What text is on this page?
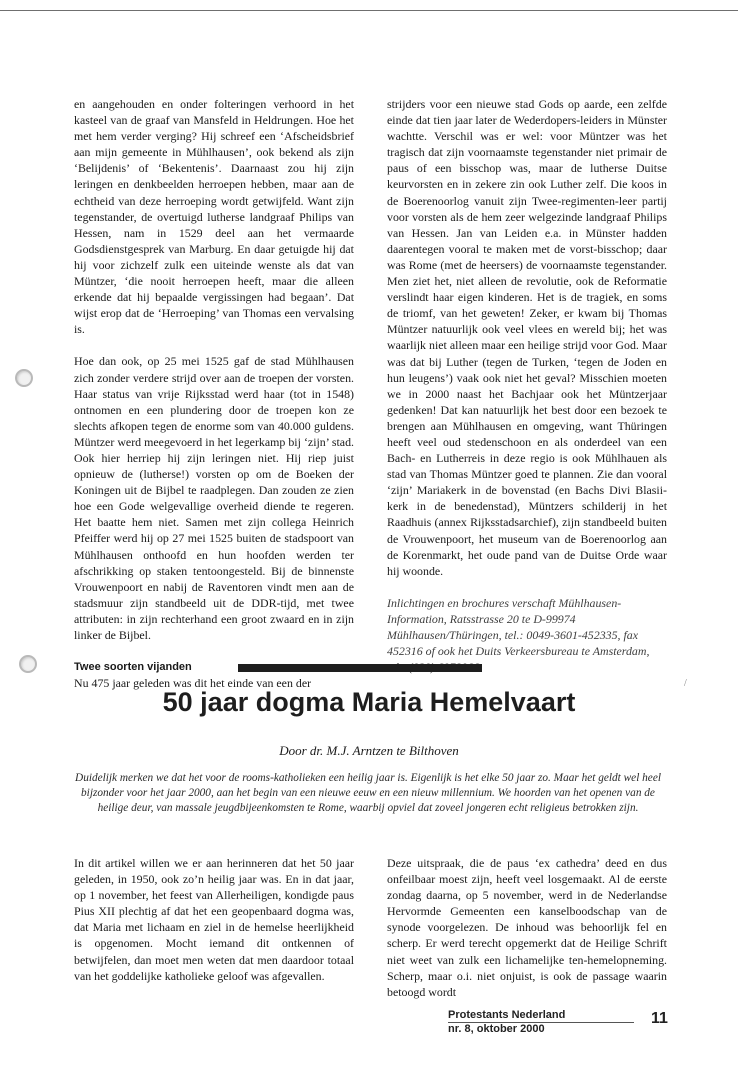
/

en aangehouden en onder folteringen verhoord in het kasteel van de graaf van Mansfeld in Heldrungen. Hoe het met hem verder verging? Hij schreef een ‘Afscheidsbrief aan mijn gemeente in Mühlhausen’, ook bekend als zijn ‘Belijdenis’ of ‘Bekentenis’. Daarnaast zou hij zijn leringen en denkbeelden herroepen hebben, maar aan de echtheid van deze herroeping wordt getwijfeld. Want zijn tegenstander, de overtuigd lutherse landgraaf Philips van Hessen, nam in 1529 deel aan het vermaarde Godsdienstgesprek van Marburg. En daar getuigde hij dat hij voor zichzelf zulk een uiteinde wenste als dat van Müntzer, ‘die nooit herroepen heeft, maar die alleen erkende dat hij bepaalde vergissingen had begaan’. Dat wijst erop dat de ‘Herroeping’ van Thomas een vervalsing is.

Hoe dan ook, op 25 mei 1525 gaf de stad Mühlhausen zich zonder verdere strijd over aan de troepen der vorsten. Haar status van vrije Rijksstad werd haar (tot in 1548) ontnomen en een plundering door de troepen kon ze slechts afkopen tegen de enorme som van 40.000 guldens. Müntzer werd meegevoerd in het legerkamp bij ‘zijn’ stad. Ook hier herriep hij zijn leringen niet. Hij riep juist opnieuw de (lutherse!) vorsten op om de Boeken der Koningen uit de Bijbel te raadplegen. Dan zouden ze zien hoe een Gode welgevallige overheid diende te regeren. Het baatte hem niet. Samen met zijn collega Heinrich Pfeiffer werd hij op 27 mei 1525 buiten de stadspoort van Mühlhausen onthoofd en hun hoofden werden ter afschrikking op staken tentoongesteld. Bij de binnenste Vrouwenpoort en nabij de Raventoren vindt men aan de stadsmuur zijn standbeeld uit de DDR-tijd, met twee attributen: in zijn rechterhand een groot zwaard en in zijn linker de Bijbel.

Twee soorten vijanden

Nu 475 jaar geleden was dit het einde van een der

strijders voor een nieuwe stad Gods op aarde, een zelfde einde dat tien jaar later de Wederdopers-leiders in Münster wachtte. Verschil was er wel: voor Müntzer was het tragisch dat zijn voornaamste tegenstander niet primair de paus of een bisschop was, maar de lutherse Duitse keurvorsten en in zekere zin ook Luther zelf. Die koos in de Boerenoorlog vanuit zijn Twee-regimenten-leer partij voor vorsten als de hem zeer welgezinde landgraaf Philips van Hessen. Jan van Leiden e.a. in Münster hadden daarentegen vooral te maken met de vorst-bisschop; daar was Rome (met de heersers) de voornaamste tegenstander. Men ziet het, niet alleen de revolutie, ook de Reformatie verslindt haar eigen kinderen. Het is de tragiek, en soms de triomf, van het geweten! Zeker, er kwam bij Thomas Müntzer natuurlijk ook veel vlees en wereld bij; het was waarlijk niet alleen maar een heilige strijd voor God. Maar was dat bij Luther (tegen de Turken, ‘tegen de Joden en hun leugens’) vaak ook niet het geval? Misschien moeten we in 2000 naast het Bachjaar ook het Müntzerjaar gedenken! Dat kan natuurlijk het best door een bezoek te brengen aan Mühlhausen en omgeving, want Thüringen heeft veel oud stedenschoon en als onderdeel van een Bach- en Lutherreis in deze regio is ook Mühlhauen als stad van Thomas Müntzer goed te plannen. Zie dan vooral ‘zijn’ Mariakerk in de bovenstad (en Bachs Divi Blasii-kerk in de benedenstad), Müntzers schilderij in het Raadhuis (annex Rijksstadsarchief), zijn standbeeld buiten de Vrouwenpoort, het museum van de Boerenoorlog aan de Korenmarkt, het oude pand van de Duitse Orde waar hij woonde.

Inlichtingen en brochures verschaft Mühlhausen-Information, Ratsstrasse 20 te D-99974 Mühlhausen/Thüringen, tel.: 0049-3601-452335, fax 452316 of ook het Duits Verkeersbureau te Amsterdam,

50 jaar dogma Maria Hemelvaart
Door dr. M.J. Arntzen te Bilthoven

Duidelijk merken we dat het voor de rooms-katholieken een heilig jaar is. Eigenlijk is het elke 50 jaar zo. Maar het geldt wel heel bijzonder voor het jaar 2000, aan het begin van een nieuwe eeuw en een nieuw millennium. We hoorden van het openen van de heilige deur, van massale jeugdbijeenkomsten te Rome, waarbij opviel dat zoveel jongeren echt religieus betrokken zijn.

In dit artikel willen we er aan herinneren dat het 50 jaar geleden, in 1950, ook zo’n heilig jaar was. En in dat jaar, op 1 november, het feest van Allerheiligen, kondigde paus Pius XII plechtig af dat het een geopenbaard dogma was, dat Maria met lichaam en ziel in de hemelse heerlijkheid is opgenomen. Mocht iemand dit ontkennen of betwijfelen, dan moet men weten dat men daardoor totaal van het goddelijke katholieke geloof was afgevallen.

Deze uitspraak, die de paus ‘ex cathedra’ deed en dus onfeilbaar moest zijn, heeft veel losgemaakt. Al de eerste zondag daarna, op 5 november, werd in de Nederlandse Hervormde Gemeenten een kanselboodschap van de synode voorgelezen. De inhoud was behoorlijk fel en scherp. Er werd terecht opgemerkt dat de Heilige Schrift niet weet van zulk een lichamelijke ten-hemelopneming. Scherp, maar o.i. niet onjuist, is ook de passage waarin betoogd wordt

Protestants Nederland
nr. 8, oktober 2000
11
